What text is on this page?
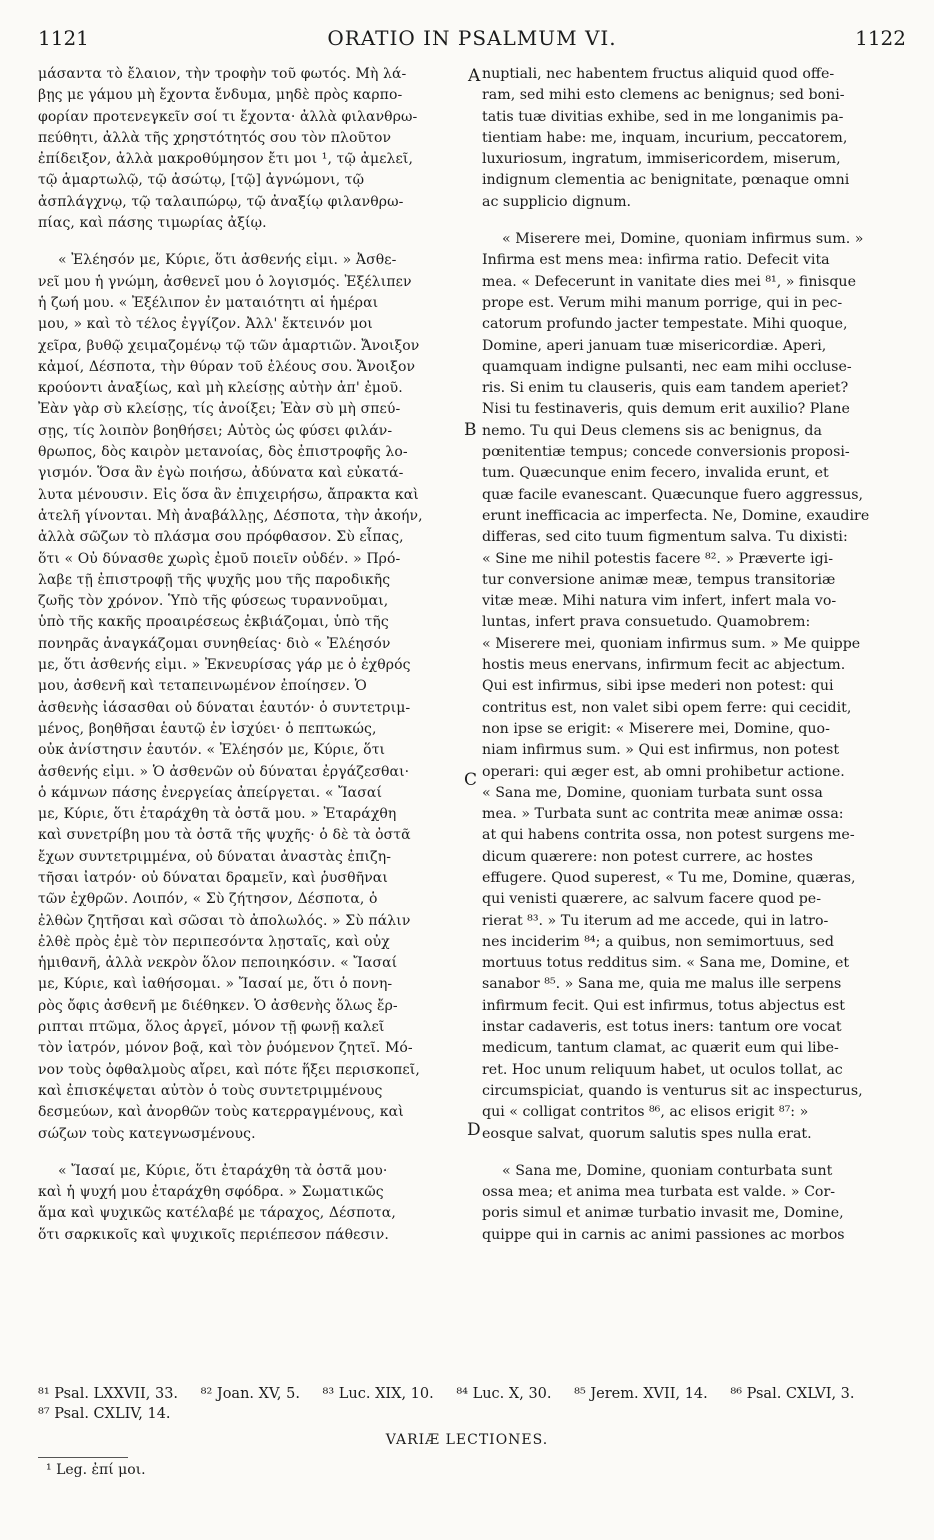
1121	ORATIO IN PSALMUM VI.	1122
μάσαντα τὸ ἔλαιον, τὴν τροφὴν τοῦ φωτός. Μὴ λά-
βῃς με γάμου μὴ ἔχοντα ἔνδυμα, μηδὲ πρὸς καρπο-
φορίαν προτενεγκεῖν σοί τι ἔχοντα· ἀλλὰ φιλανθρω-
πεύθητι, ἀλλὰ τῆς χρηστότητός σου τὸν πλοῦτον
ἐπίδειξον, ἀλλὰ μακροθύμησον ἔτι μοι ¹, τῷ ἀμελεῖ,
τῷ ἁμαρτωλῷ, τῷ ἀσώτῳ, [τῷ] ἀγνώμονι, τῷ
ἀσπλάγχνῳ, τῷ ταλαιπώρῳ, τῷ ἀναξίῳ φιλανθρω-
πίας, καὶ πάσης τιμωρίας ἀξίῳ.
« Ἐλέησόν με, Κύριε, ὅτι ἀσθενής εἰμι. » Ἀσθε-
νεῖ μου ἡ γνώμη, ἀσθενεῖ μου ὁ λογισμός. Ἐξέλιπεν
ἡ ζωή μου. « Ἐξέλιπον ἐν ματαιότητι αἱ ἡμέραι
μου, » καὶ τὸ τέλος ἐγγίζον. Ἀλλ' ἔκτεινόν μοι
χεῖρα, βυθῷ χειμαζομένῳ τῷ τῶν ἁμαρτιῶν. Ἄνοιξον
κἀμοί, Δέσποτα, τὴν θύραν τοῦ ἐλέους σου. Ἄνοιξον
κρούοντι ἀναξίως, καὶ μὴ κλείσῃς αὐτὴν ἀπ' ἐμοῦ.
Ἐὰν γὰρ σὺ κλείσῃς, τίς ἀνοίξει; Ἐὰν σὺ μὴ σπεύ-
σῃς, τίς λοιπὸν βοηθήσει; Αὐτὸς ὡς φύσει φιλάν-
θρωπος, δὸς καιρὸν μετανοίας, δὸς ἐπιστροφῆς λο-
γισμόν. Ὅσα ἂν ἐγὼ ποιήσω, ἀδύνατα καὶ εὐκατά-
λυτα μένουσιν. Εἰς ὅσα ἂν ἐπιχειρήσω, ἄπρακτα καὶ
ἀτελῆ γίνονται. Μὴ ἀναβάλλῃς, Δέσποτα, τὴν ἀκοήν,
ἀλλὰ σῶζων τὸ πλάσμα σου πρόφθασον. Σὺ εἶπας,
ὅτι « Οὐ δύνασθε χωρὶς ἐμοῦ ποιεῖν οὐδέν. » Πρό-
λαβε τῇ ἐπιστροφῇ τῆς ψυχῆς μου τῆς παροδικῆς
ζωῆς τὸν χρόνον. Ὑπὸ τῆς φύσεως τυραννοῦμαι,
ὑπὸ τῆς κακῆς προαιρέσεως ἐκβιάζομαι, ὑπὸ τῆς
πονηρᾶς ἀναγκάζομαι συνηθείας· διὸ « Ἐλέησόν
με, ὅτι ἀσθενής εἰμι. » Ἐκνευρίσας γάρ με ὁ ἐχθρός
μου, ἀσθενῆ καὶ τεταπεινωμένον ἐποίησεν. Ὁ
ἀσθενὴς ἰάσασθαι οὐ δύναται ἑαυτόν· ὁ συντετριμ-
μένος, βοηθῆσαι ἑαυτῷ ἐν ἰσχύει· ὁ πεπτωκώς,
οὐκ ἀνίστησιν ἑαυτόν. « Ἐλέησόν με, Κύριε, ὅτι
ἀσθενής εἰμι. » Ὁ ἀσθενῶν οὐ δύναται ἐργάζεσθαι·
ὁ κάμνων πάσης ἐνεργείας ἀπείργεται. « Ἴασαί
με, Κύριε, ὅτι ἐταράχθη τὰ ὀστᾶ μου. » Ἐταράχθη
καὶ συνετρίβη μου τὰ ὀστᾶ τῆς ψυχῆς· ὁ δὲ τὰ ὀστᾶ
ἔχων συντετριμμένα, οὐ δύναται ἀναστὰς ἐπιζη-
τῆσαι ἰατρόν· οὐ δύναται δραμεῖν, καὶ ῥυσθῆναι
τῶν ἐχθρῶν. Λοιπόν, « Σὺ ζήτησον, Δέσποτα, ὁ
ἐλθὼν ζητῆσαι καὶ σῶσαι τὸ ἀπολωλός. » Σὺ πάλιν
ἐλθὲ πρὸς ἐμὲ τὸν περιπεσόντα λῃσταῖς, καὶ οὐχ
ἡμιθανῆ, ἀλλὰ νεκρὸν ὅλον πεποιηκόσιν. « Ἴασαί
με, Κύριε, καὶ ἰαθήσομαι. » Ἴασαί με, ὅτι ὁ πονη-
ρὸς ὄφις ἀσθενῆ με διέθηκεν. Ὁ ἀσθενὴς ὅλως ἔρ-
ριπται πτῶμα, ὅλος ἀργεῖ, μόνον τῇ φωνῇ καλεῖ
τὸν ἰατρόν, μόνον βοᾷ, καὶ τὸν ῥυόμενον ζητεῖ. Μό-
νον τοὺς ὀφθαλμοὺς αἴρει, καὶ πότε ἥξει περισκοπεῖ,
καὶ ἐπισκέψεται αὐτὸν ὁ τοὺς συντετριμμένους
δεσμεύων, καὶ ἀνορθῶν τοὺς κατερραγμένους, καὶ
σώζων τοὺς κατεγνωσμένους.
« Ἴασαί με, Κύριε, ὅτι ἐταράχθη τὰ ὀστᾶ μου·
καὶ ἡ ψυχή μου ἐταράχθη σφόδρα. » Σωματικῶς
ἅμα καὶ ψυχικῶς κατέλαβέ με τάραχος, Δέσποτα,
ὅτι σαρκικοῖς καὶ ψυχικοῖς περιέπεσον πάθεσιν.
nuptiali, nec habentem fructus aliquid quod offe-
ram, sed mihi esto clemens ac benignus; sed boni-
tatis tuæ divitias exhibe, sed in me longanimis pa-
tientiam habe: me, inquam, incurium, peccatorem,
luxuriosum, ingratum, immisericordem, miserum,
indignum clementia ac benignitate, pœnaque omni
ac supplicio dignum.
« Miserere mei, Domine, quoniam infirmus sum. »
Infirma est mens mea: infirma ratio. Defecit vita
mea. « Defecerunt in vanitate dies mei ⁸¹, » finisque
prope est. Verum mihi manum porrige, qui in pec-
catorum profundo jacter tempestate. Mihi quoque,
Domine, aperi januam tuæ misericordiæ. Aperi,
quamquam indigne pulsanti, nec eam mihi occluse-
ris. Si enim tu clauseris, quis eam tandem aperiet?
Nisi tu festinaveris, quis demum erit auxilio? Plane
nemo. Tu qui Deus clemens sis ac benignus, da
pœnitentiæ tempus; concede conversionis proposi-
tum. Quæcunque enim fecero, invalida erunt, et
quæ facile evanescant. Quæcunque fuero aggressus,
erunt inefficacia ac imperfecta. Ne, Domine, exaudire
differas, sed cito tuum figmentum salva. Tu dixisti:
« Sine me nihil potestis facere ⁸². » Præverte igi-
tur conversione animæ meæ, tempus transitoriæ
vitæ meæ. Mihi natura vim infert, infert mala vo-
luntas, infert prava consuetudo. Quamobrem:
« Miserere mei, quoniam infirmus sum. » Me quippe
hostis meus enervans, infirmum fecit ac abjectum.
Qui est infirmus, sibi ipse mederi non potest: qui
contritus est, non valet sibi opem ferre: qui cecidit,
non ipse se erigit: « Miserere mei, Domine, quo-
niam infirmus sum. » Qui est infirmus, non potest
operari: qui æger est, ab omni prohibetur actione.
« Sana me, Domine, quoniam turbata sunt ossa
mea. » Turbata sunt ac contrita meæ animæ ossa:
at qui habens contrita ossa, non potest surgens me-
dicum quærere: non potest currere, ac hostes
effugere. Quod superest, « Tu me, Domine, quæras,
qui venisti quærere, ac salvum facere quod pe-
rierat ⁸³. » Tu iterum ad me accede, qui in latro-
nes inciderim ⁸⁴; a quibus, non semimortuus, sed
mortuus totus redditus sim. « Sana me, Domine, et
sanabor ⁸⁵. » Sana me, quia me malus ille serpens
infirmum fecit. Qui est infirmus, totus abjectus est
instar cadaveris, est totus iners: tantum ore vocat
medicum, tantum clamat, ac quærit eum qui libe-
ret. Hoc unum reliquum habet, ut oculos tollat, ac
circumspiciat, quando is venturus sit ac inspecturus,
qui « colligat contritos ⁸⁶, ac elisos erigit ⁸⁷: »
eosque salvat, quorum salutis spes nulla erat.
« Sana me, Domine, quoniam conturbata sunt
ossa mea; et anima mea turbata est valde. » Cor-
poris simul et animæ turbatio invasit me, Domine,
quippe qui in carnis ac animi passiones ac morbos
A
B
C
D
⁸¹ Psal. LXXVII, 33. ⁸² Joan. XV, 5. ⁸³ Luc. XIX, 10. ⁸⁴ Luc. X, 30. ⁸⁵ Jerem. XVII, 14. ⁸⁶ Psal. CXLVI, 3.
⁸⁷ Psal. CXLIV, 14.
VARIÆ LECTIONES.
¹ Leg. ἐπί μοι.
